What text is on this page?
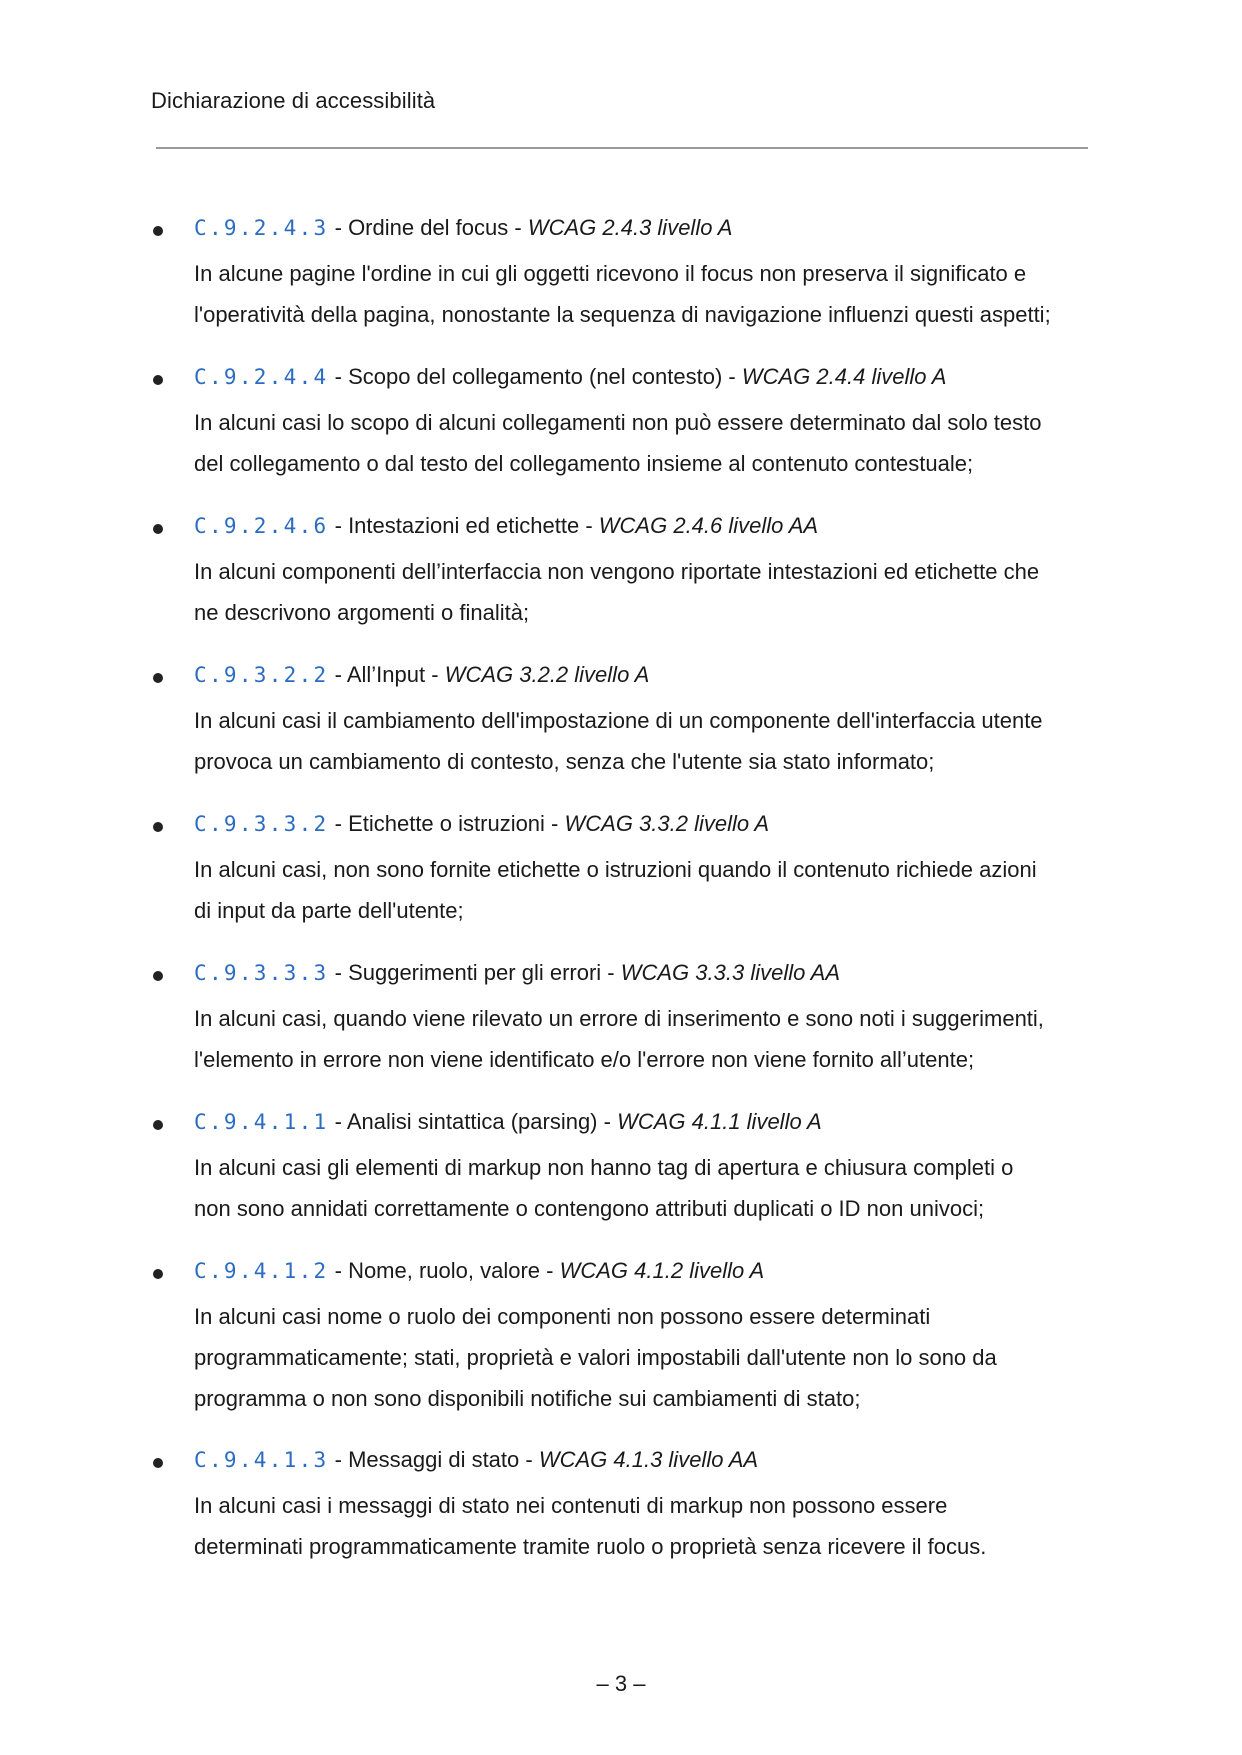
Dichiarazione di accessibilità
C.9.2.4.3 - Ordine del focus - WCAG 2.4.3 livello A
In alcune pagine l'ordine in cui gli oggetti ricevono il focus non preserva il significato e
l'operatività della pagina, nonostante la sequenza di navigazione influenzi questi aspetti;
C.9.2.4.4 - Scopo del collegamento (nel contesto) - WCAG 2.4.4 livello A
In alcuni casi lo scopo di alcuni collegamenti non può essere determinato dal solo testo
del collegamento o dal testo del collegamento insieme al contenuto contestuale;
C.9.2.4.6 - Intestazioni ed etichette - WCAG 2.4.6 livello AA
In alcuni componenti dell’interfaccia non vengono riportate intestazioni ed etichette che
ne descrivono argomenti o finalità;
C.9.3.2.2 - All’Input - WCAG 3.2.2 livello A
In alcuni casi il cambiamento dell'impostazione di un componente dell'interfaccia utente
provoca un cambiamento di contesto, senza che l'utente sia stato informato;
C.9.3.3.2 - Etichette o istruzioni - WCAG 3.3.2 livello A
In alcuni casi, non sono fornite etichette o istruzioni quando il contenuto richiede azioni
di input da parte dell'utente;
C.9.3.3.3 - Suggerimenti per gli errori - WCAG 3.3.3 livello AA
In alcuni casi, quando viene rilevato un errore di inserimento e sono noti i suggerimenti,
l'elemento in errore non viene identificato e/o l'errore non viene fornito all’utente;
C.9.4.1.1 - Analisi sintattica (parsing) - WCAG 4.1.1 livello A
In alcuni casi gli elementi di markup non hanno tag di apertura e chiusura completi o
non sono annidati correttamente o contengono attributi duplicati o ID non univoci;
C.9.4.1.2 - Nome, ruolo, valore - WCAG 4.1.2 livello A
In alcuni casi nome o ruolo dei componenti non possono essere determinati
programmaticamente; stati, proprietà e valori impostabili dall'utente non lo sono da
programma o non sono disponibili notifiche sui cambiamenti di stato;
C.9.4.1.3 - Messaggi di stato - WCAG 4.1.3 livello AA
In alcuni casi i messaggi di stato nei contenuti di markup non possono essere
determinati programmaticamente tramite ruolo o proprietà senza ricevere il focus.
– 3 –
